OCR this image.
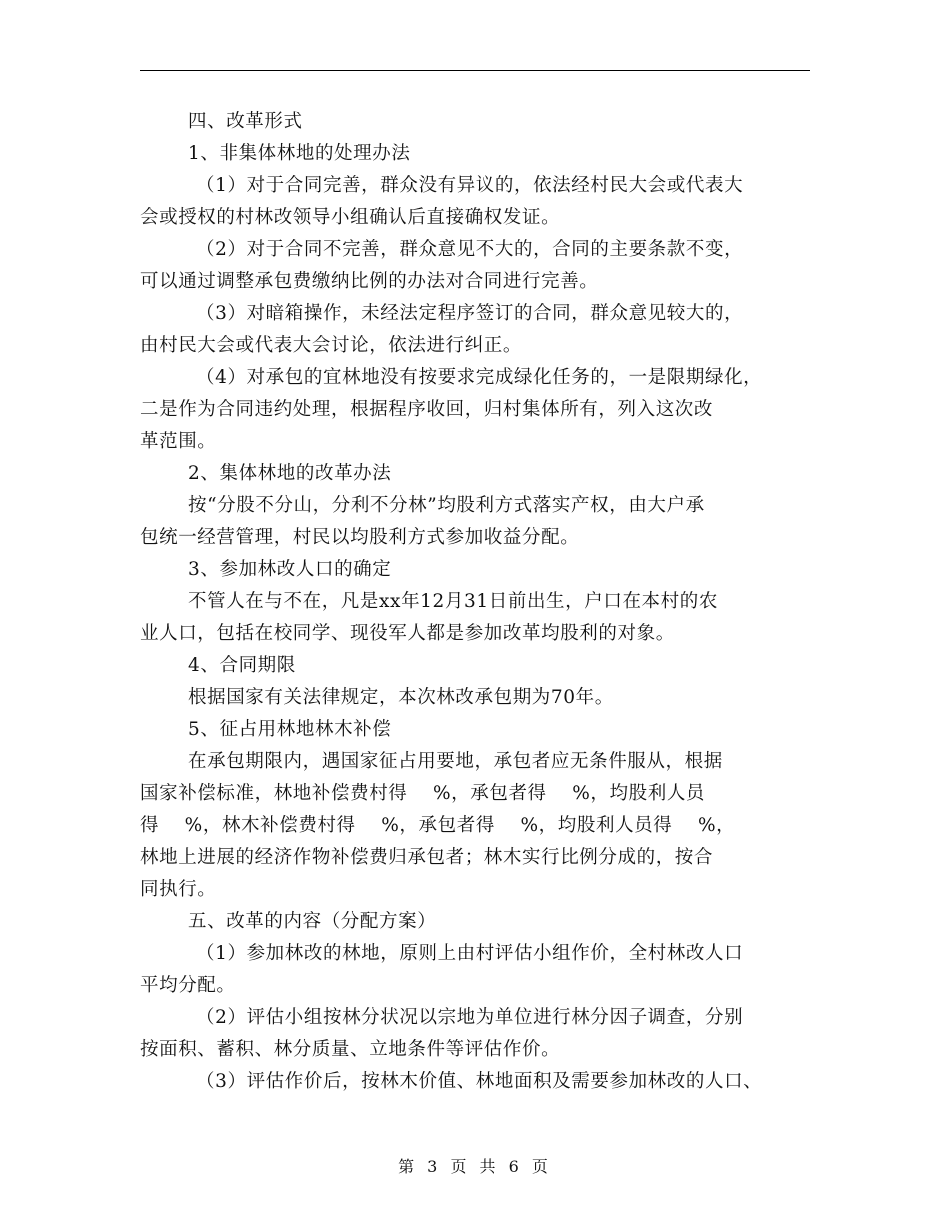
四、改革形式

1、非集体林地的处理办法

（1）对于合同完善，群众没有异议的，依法经村民大会或代表大
会或授权的村林改领导小组确认后直接确权发证。

（2）对于合同不完善，群众意见不大的，合同的主要条款不变，
可以通过调整承包费缴纳比例的办法对合同进行完善。

（3）对暗箱操作，未经法定程序签订的合同，群众意见较大的，
由村民大会或代表大会讨论，依法进行纠正。

（4）对承包的宜林地没有按要求完成绿化任务的，一是限期绿化，
二是作为合同违约处理，根据程序收回，归村集体所有，列入这次改
革范围。

2、集体林地的改革办法

按“分股不分山，分利不分林”均股利方式落实产权，由大户承
包统一经营管理，村民以均股利方式参加收益分配。

3、参加林改人口的确定

不管人在与不在，凡是xx年12月31日前出生，户口在本村的农
业人口，包括在校同学、现役军人都是参加改革均股利的对象。

4、合同期限

根据国家有关法律规定，本次林改承包期为70年。

5、征占用林地林木补偿

在承包期限内，遇国家征占用要地，承包者应无条件服从，根据
国家补偿标准，林地补偿费村得　 %，承包者得　 %，均股利人员
得　 %，林木补偿费村得　 %，承包者得　 %，均股利人员得　 %，
林地上进展的经济作物补偿费归承包者；林木实行比例分成的，按合
同执行。

五、改革的内容（分配方案）

（1）参加林改的林地，原则上由村评估小组作价，全村林改人口
平均分配。

（2）评估小组按林分状况以宗地为单位进行林分因子调查，分别
按面积、蓄积、林分质量、立地条件等评估作价。

（3）评估作价后，按林木价值、林地面积及需要参加林改的人口、

第 3 页 共 6 页
